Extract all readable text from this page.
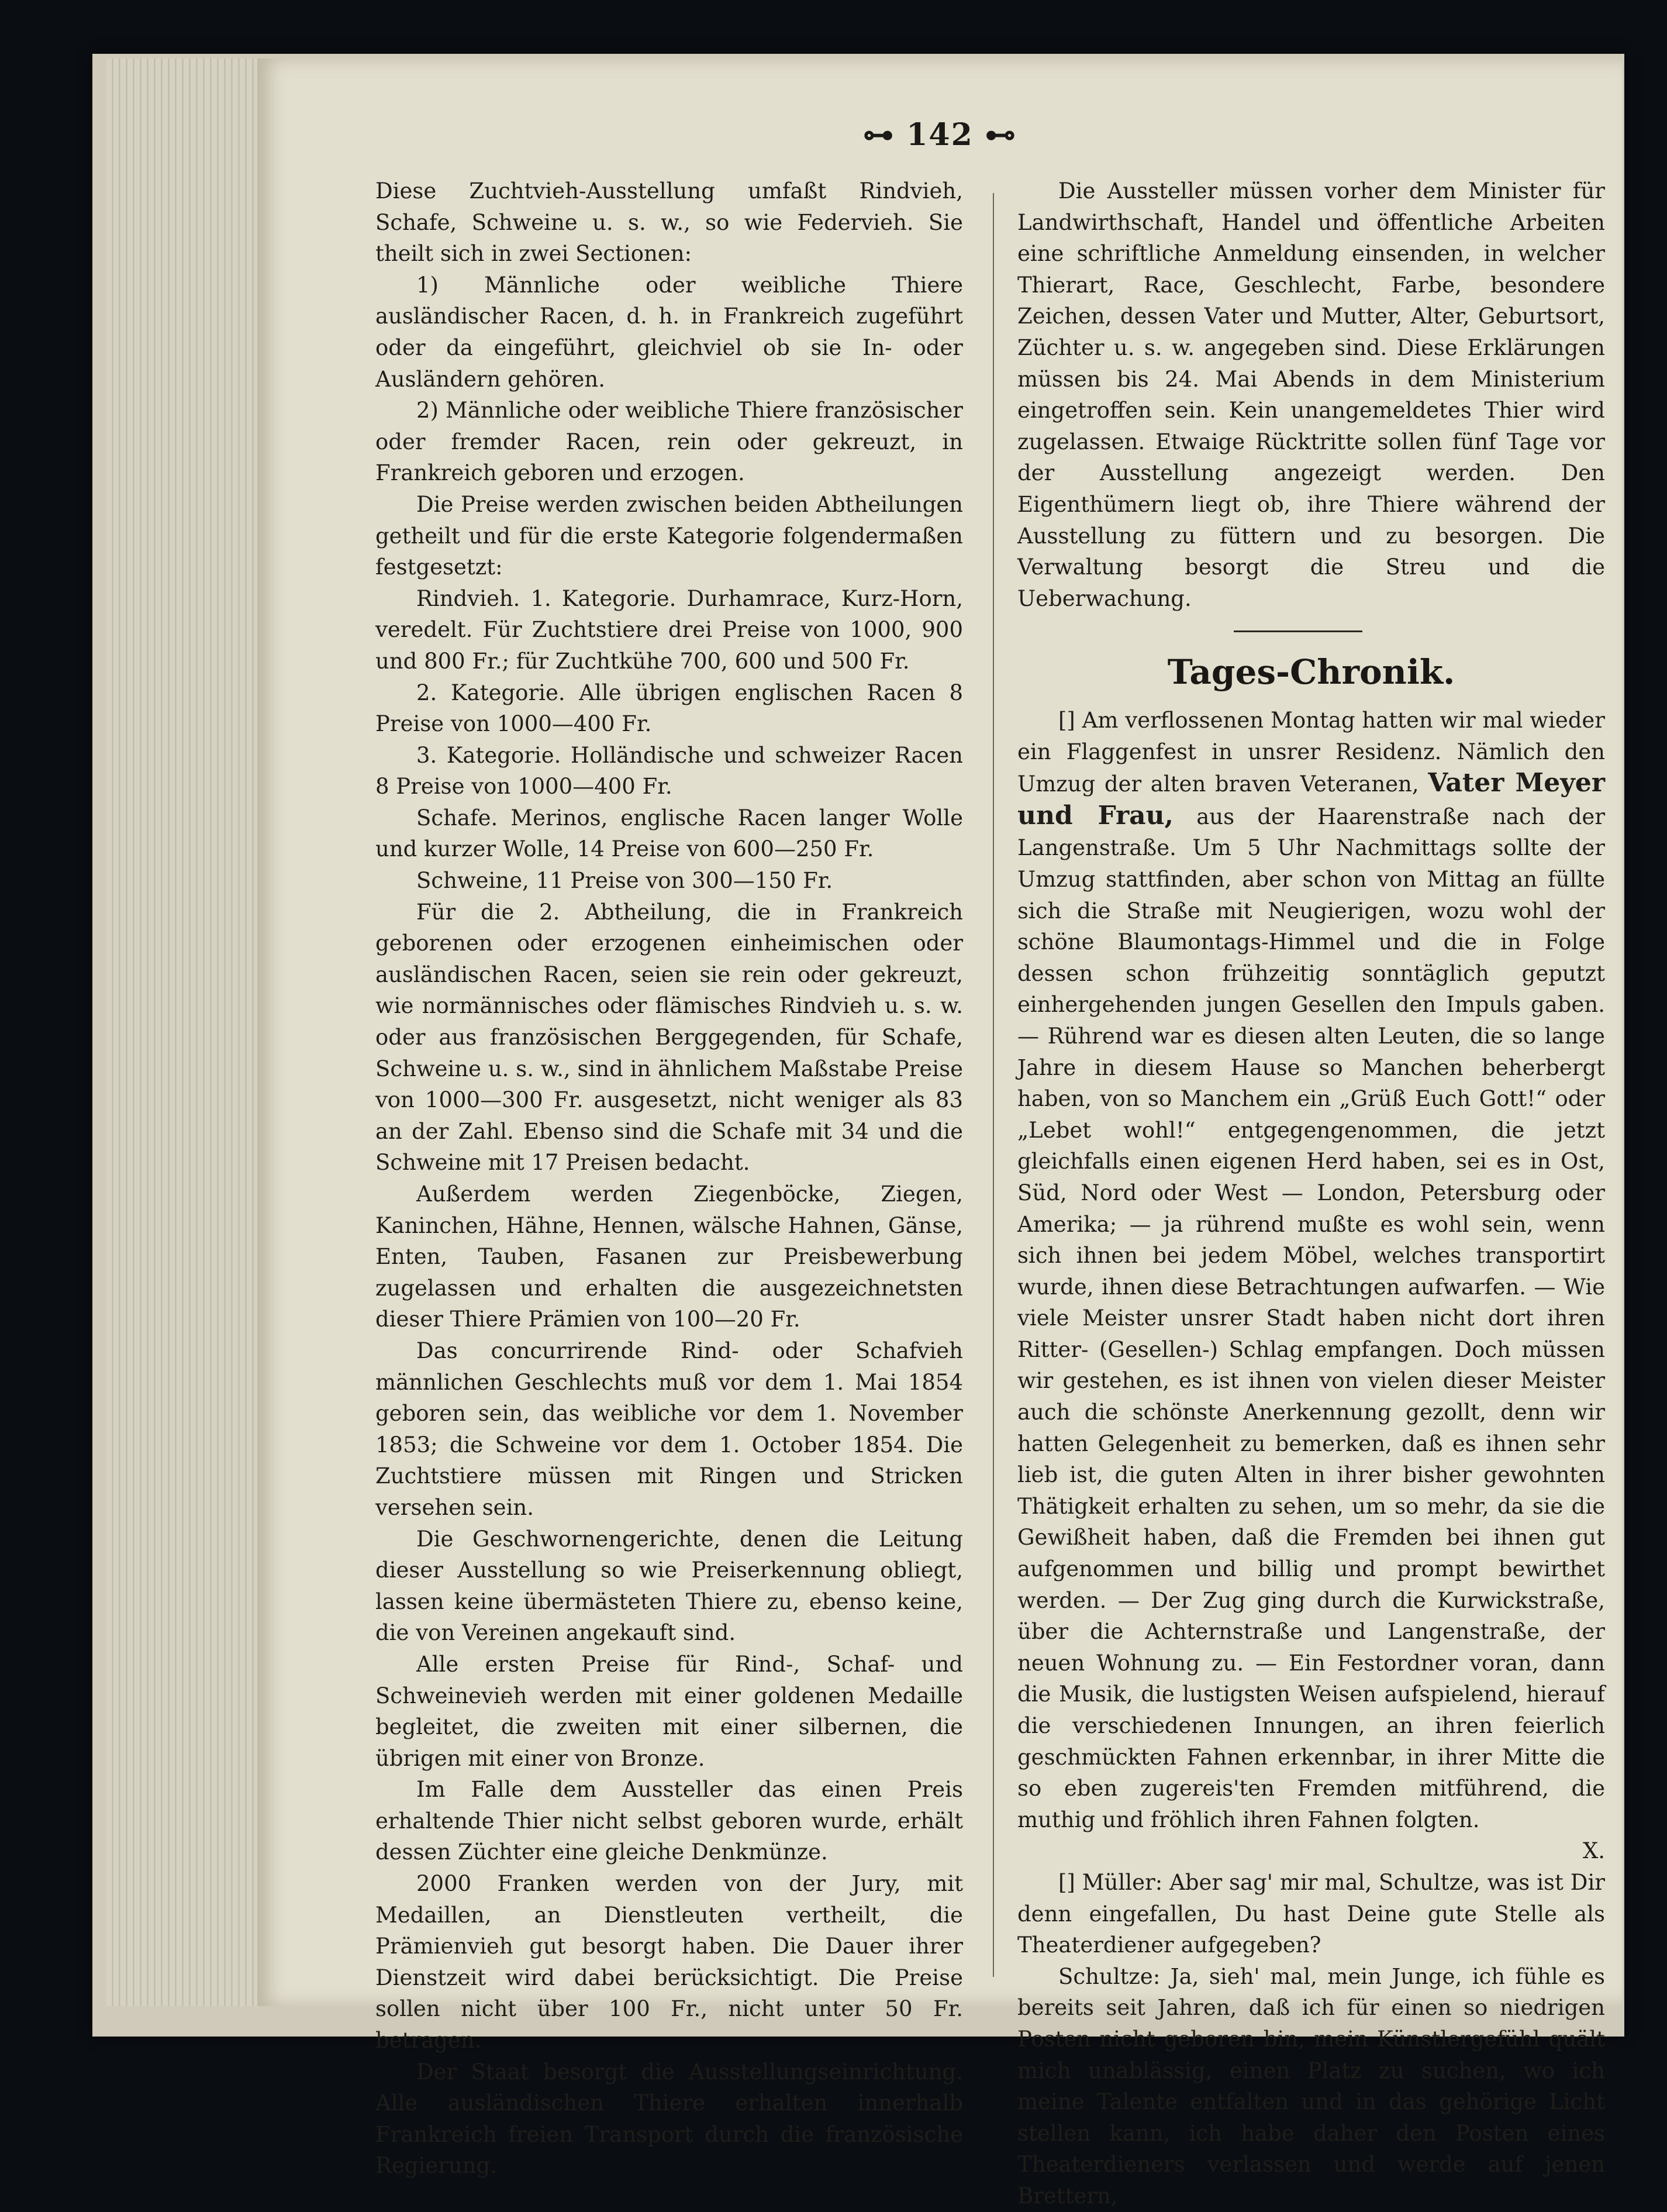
⊶ 142 ⊷

Diese Zuchtvieh-Ausstellung umfaßt Rindvieh, Schafe, Schweine u. s. w., so wie Federvieh. Sie theilt sich in zwei Sectionen:

1) Männliche oder weibliche Thiere ausländischer Racen, d. h. in Frankreich zugeführt oder da eingeführt, gleichviel ob sie In- oder Ausländern gehören.

2) Männliche oder weibliche Thiere französischer oder fremder Racen, rein oder gekreuzt, in Frankreich geboren und erzogen.

Die Preise werden zwischen beiden Abtheilungen getheilt und für die erste Kategorie folgendermaßen festgesetzt:

Rindvieh. 1. Kategorie. Durhamrace, Kurz-Horn, veredelt. Für Zuchtstiere drei Preise von 1000, 900 und 800 Fr.; für Zuchtkühe 700, 600 und 500 Fr.

2. Kategorie. Alle übrigen englischen Racen 8 Preise von 1000—400 Fr.

3. Kategorie. Holländische und schweizer Racen 8 Preise von 1000—400 Fr.

Schafe. Merinos, englische Racen langer Wolle und kurzer Wolle, 14 Preise von 600—250 Fr.

Schweine, 11 Preise von 300—150 Fr.

Für die 2. Abtheilung, die in Frankreich geborenen oder erzogenen einheimischen oder ausländischen Racen, seien sie rein oder gekreuzt, wie normännisches oder flämisches Rindvieh u. s. w. oder aus französischen Berggegenden, für Schafe, Schweine u. s. w., sind in ähnlichem Maßstabe Preise von 1000—300 Fr. ausgesetzt, nicht weniger als 83 an der Zahl. Ebenso sind die Schafe mit 34 und die Schweine mit 17 Preisen bedacht.

Außerdem werden Ziegenböcke, Ziegen, Kaninchen, Hähne, Hennen, wälsche Hahnen, Gänse, Enten, Tauben, Fasanen zur Preisbewerbung zugelassen und erhalten die ausgezeichnetsten dieser Thiere Prämien von 100—20 Fr.

Das concurrirende Rind- oder Schafvieh männlichen Geschlechts muß vor dem 1. Mai 1854 geboren sein, das weibliche vor dem 1. November 1853; die Schweine vor dem 1. October 1854. Die Zuchtstiere müssen mit Ringen und Stricken versehen sein.

Die Geschwornengerichte, denen die Leitung dieser Ausstellung so wie Preiserkennung obliegt, lassen keine übermästeten Thiere zu, ebenso keine, die von Vereinen angekauft sind.

Alle ersten Preise für Rind-, Schaf- und Schweinevieh werden mit einer goldenen Medaille begleitet, die zweiten mit einer silbernen, die übrigen mit einer von Bronze.

Im Falle dem Aussteller das einen Preis erhaltende Thier nicht selbst geboren wurde, erhält dessen Züchter eine gleiche Denkmünze.

2000 Franken werden von der Jury, mit Medaillen, an Dienstleuten vertheilt, die Prämienvieh gut besorgt haben. Die Dauer ihrer Dienstzeit wird dabei berücksichtigt. Die Preise sollen nicht über 100 Fr., nicht unter 50 Fr. betragen.

Der Staat besorgt die Ausstellungseinrichtung. Alle ausländischen Thiere erhalten innerhalb Frankreich freien Transport durch die französische Regierung.

Die Aussteller müssen vorher dem Minister für Landwirthschaft, Handel und öffentliche Arbeiten eine schriftliche Anmeldung einsenden, in welcher Thierart, Race, Geschlecht, Farbe, besondere Zeichen, dessen Vater und Mutter, Alter, Geburtsort, Züchter u. s. w. angegeben sind. Diese Erklärungen müssen bis 24. Mai Abends in dem Ministerium eingetroffen sein. Kein unangemeldetes Thier wird zugelassen. Etwaige Rücktritte sollen fünf Tage vor der Ausstellung angezeigt werden. Den Eigenthümern liegt ob, ihre Thiere während der Ausstellung zu füttern und zu besorgen. Die Verwaltung besorgt die Streu und die Ueberwachung.

Tages-Chronik.

[] Am verflossenen Montag hatten wir mal wieder ein Flaggenfest in unsrer Residenz. Nämlich den Umzug der alten braven Veteranen, Vater Meyer und Frau, aus der Haarenstraße nach der Langenstraße. Um 5 Uhr Nachmittags sollte der Umzug stattfinden, aber schon von Mittag an füllte sich die Straße mit Neugierigen, wozu wohl der schöne Blaumontags-Himmel und die in Folge dessen schon frühzeitig sonntäglich geputzt einhergehenden jungen Gesellen den Impuls gaben. — Rührend war es diesen alten Leuten, die so lange Jahre in diesem Hause so Manchen beherbergt haben, von so Manchem ein „Grüß Euch Gott!“ oder „Lebet wohl!“ entgegengenommen, die jetzt gleichfalls einen eigenen Herd haben, sei es in Ost, Süd, Nord oder West — London, Petersburg oder Amerika; — ja rührend mußte es wohl sein, wenn sich ihnen bei jedem Möbel, welches transportirt wurde, ihnen diese Betrachtungen aufwarfen. — Wie viele Meister unsrer Stadt haben nicht dort ihren Ritter- (Gesellen-) Schlag empfangen. Doch müssen wir gestehen, es ist ihnen von vielen dieser Meister auch die schönste Anerkennung gezollt, denn wir hatten Gelegenheit zu bemerken, daß es ihnen sehr lieb ist, die guten Alten in ihrer bisher gewohnten Thätigkeit erhalten zu sehen, um so mehr, da sie die Gewißheit haben, daß die Fremden bei ihnen gut aufgenommen und billig und prompt bewirthet werden. — Der Zug ging durch die Kurwickstraße, über die Achternstraße und Langenstraße, der neuen Wohnung zu. — Ein Festordner voran, dann die Musik, die lustigsten Weisen aufspielend, hierauf die verschiedenen Innungen, an ihren feierlich geschmückten Fahnen erkennbar, in ihrer Mitte die so eben zugereis'ten Fremden mitführend, die muthig und fröhlich ihren Fahnen folgten.
X.

[] Müller: Aber sag' mir mal, Schultze, was ist Dir denn eingefallen, Du hast Deine gute Stelle als Theaterdiener aufgegeben?

Schultze: Ja, sieh' mal, mein Junge, ich fühle es bereits seit Jahren, daß ich für einen so niedrigen Posten nicht geboren bin, mein Künstlergefühl quält mich unablässig, einen Platz zu suchen, wo ich meine Talente entfalten und in das gehörige Licht stellen kann, ich habe daher den Posten eines Theaterdieners verlassen und werde auf jenen Brettern,
